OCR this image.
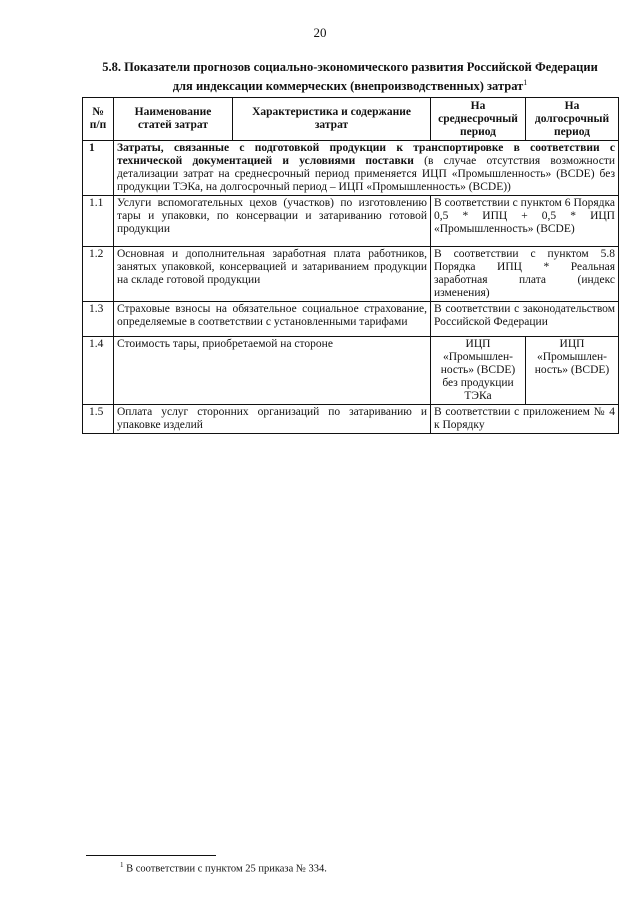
20
5.8. Показатели прогнозов социально-экономического развития Российской Федерации
для индексации коммерческих (внепроизводственных) затрат$^1$
№ п/п	Наименование статей затрат	Характеристика и содержание затрат	На среднесрочный период	На долгосрочный период
1	Затраты, связанные с подготовкой продукции к транспортировке в соответствии с технической документацией и условиями поставки (в случае отсутствия возможности детализации затрат на среднесрочный период применяется ИЦП «Промышленность» (BCDE) без продукции ТЭКа, на долгосрочный период – ИЦП «Промышленность» (BCDE))			
1.1	Услуги вспомогательных цехов (участков) по изготовлению тары и упаковки, по консервации и затариванию готовой продукции		В соответствии с пунктом 6 Порядка 0,5 * ИПЦ + 0,5 * ИЦП «Промышленность» (BCDE)	
1.2	Основная и дополнительная заработная плата работников, занятых упаковкой, консервацией и затариванием продукции на складе готовой продукции		В соответствии с пунктом 5.8 Порядка ИПЦ * Реальная заработная плата (индекс изменения)	
1.3	Страховые взносы на обязательное социальное страхование, определяемые в соответствии с установленными тарифами		В соответствии с законодательством Российской Федерации	
1.4	Стоимость тары, приобретаемой на стороне		ИЦП «Промышлен-ность» (BCDE) без продукции ТЭКа	ИЦП «Промышлен-ность» (BCDE)
1.5	Оплата услуг сторонних организаций по затариванию и упаковке изделий		В соответствии с приложением № 4 к Порядку	
$^1$ В соответствии с пунктом 25 приказа № 334.
